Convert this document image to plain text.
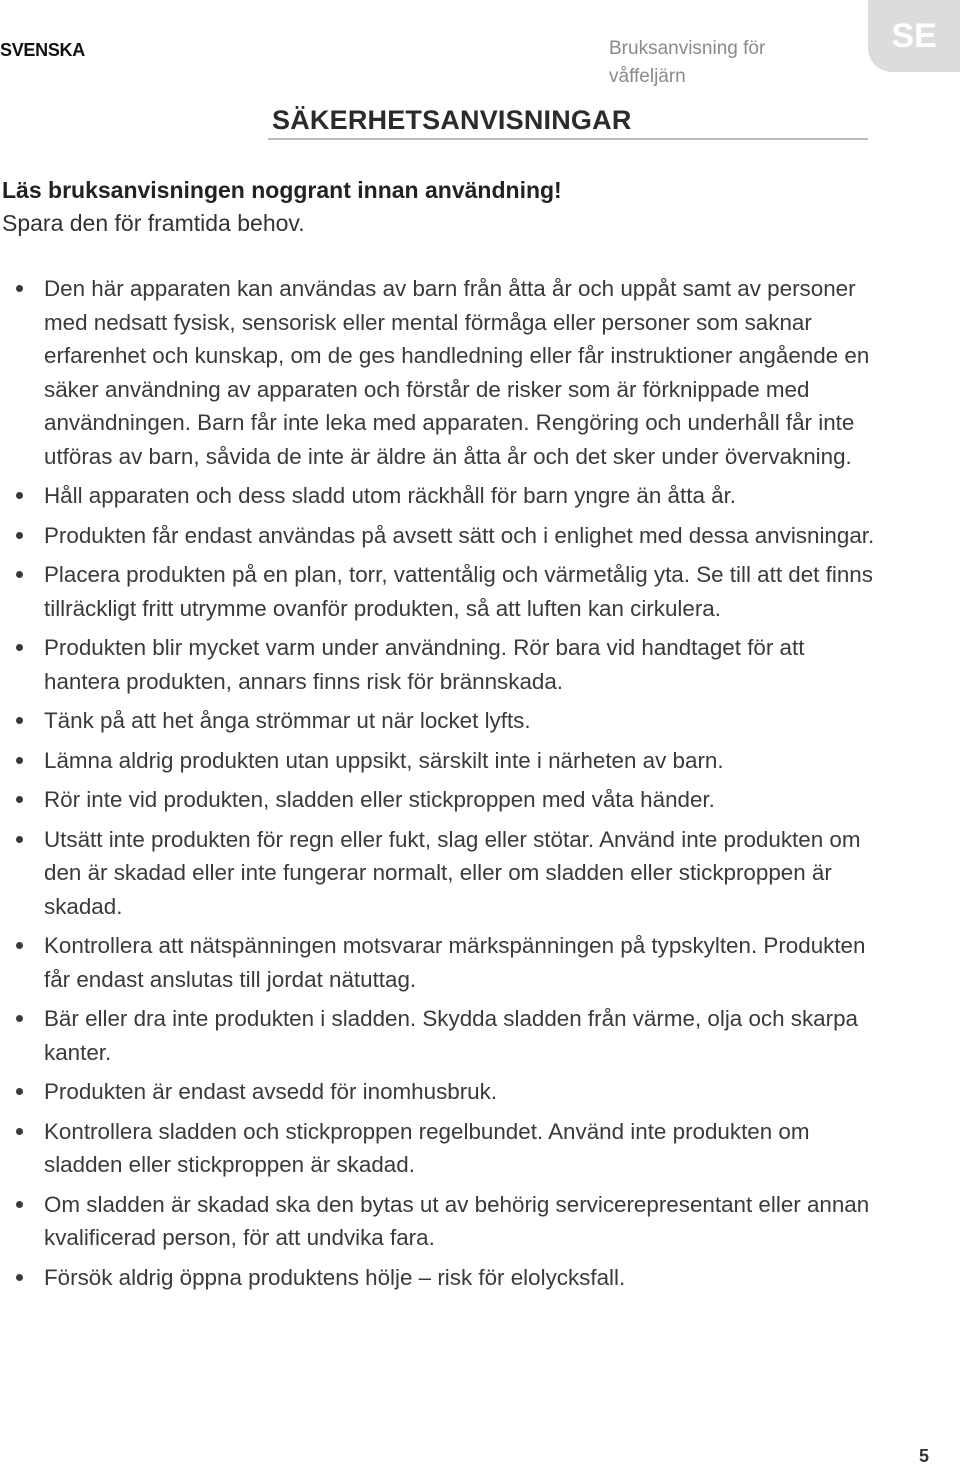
SVENSKA	Bruksanvisning för våffeljärn
SE
SÄKERHETSANVISNINGAR
Läs bruksanvisningen noggrant innan användning!
Spara den för framtida behov.
Den här apparaten kan användas av barn från åtta år och uppåt samt av personer med nedsatt fysisk, sensorisk eller mental förmåga eller personer som saknar erfarenhet och kunskap, om de ges handledning eller får instruktioner angående en säker användning av apparaten och förstår de risker som är förknippade med användningen. Barn får inte leka med apparaten. Rengöring och underhåll får inte utföras av barn, såvida de inte är äldre än åtta år och det sker under övervakning.
Håll apparaten och dess sladd utom räckhåll för barn yngre än åtta år.
Produkten får endast användas på avsett sätt och i enlighet med dessa anvisningar.
Placera produkten på en plan, torr, vattentålig och värmetålig yta. Se till att det finns tillräckligt fritt utrymme ovanför produkten, så att luften kan cirkulera.
Produkten blir mycket varm under användning. Rör bara vid handtaget för att hantera produkten, annars finns risk för brännskada.
Tänk på att het ånga strömmar ut när locket lyfts.
Lämna aldrig produkten utan uppsikt, särskilt inte i närheten av barn.
Rör inte vid produkten, sladden eller stickproppen med våta händer.
Utsätt inte produkten för regn eller fukt, slag eller stötar. Använd inte produkten om den är skadad eller inte fungerar normalt, eller om sladden eller stickproppen är skadad.
Kontrollera att nätspänningen motsvarar märkspänningen på typskylten. Produkten får endast anslutas till jordat nätuttag.
Bär eller dra inte produkten i sladden. Skydda sladden från värme, olja och skarpa kanter.
Produkten är endast avsedd för inomhusbruk.
Kontrollera sladden och stickproppen regelbundet. Använd inte produkten om sladden eller stickproppen är skadad.
Om sladden är skadad ska den bytas ut av behörig servicerepresentant eller annan kvalificerad person, för att undvika fara.
Försök aldrig öppna produktens hölje – risk för elolycksfall.
5
